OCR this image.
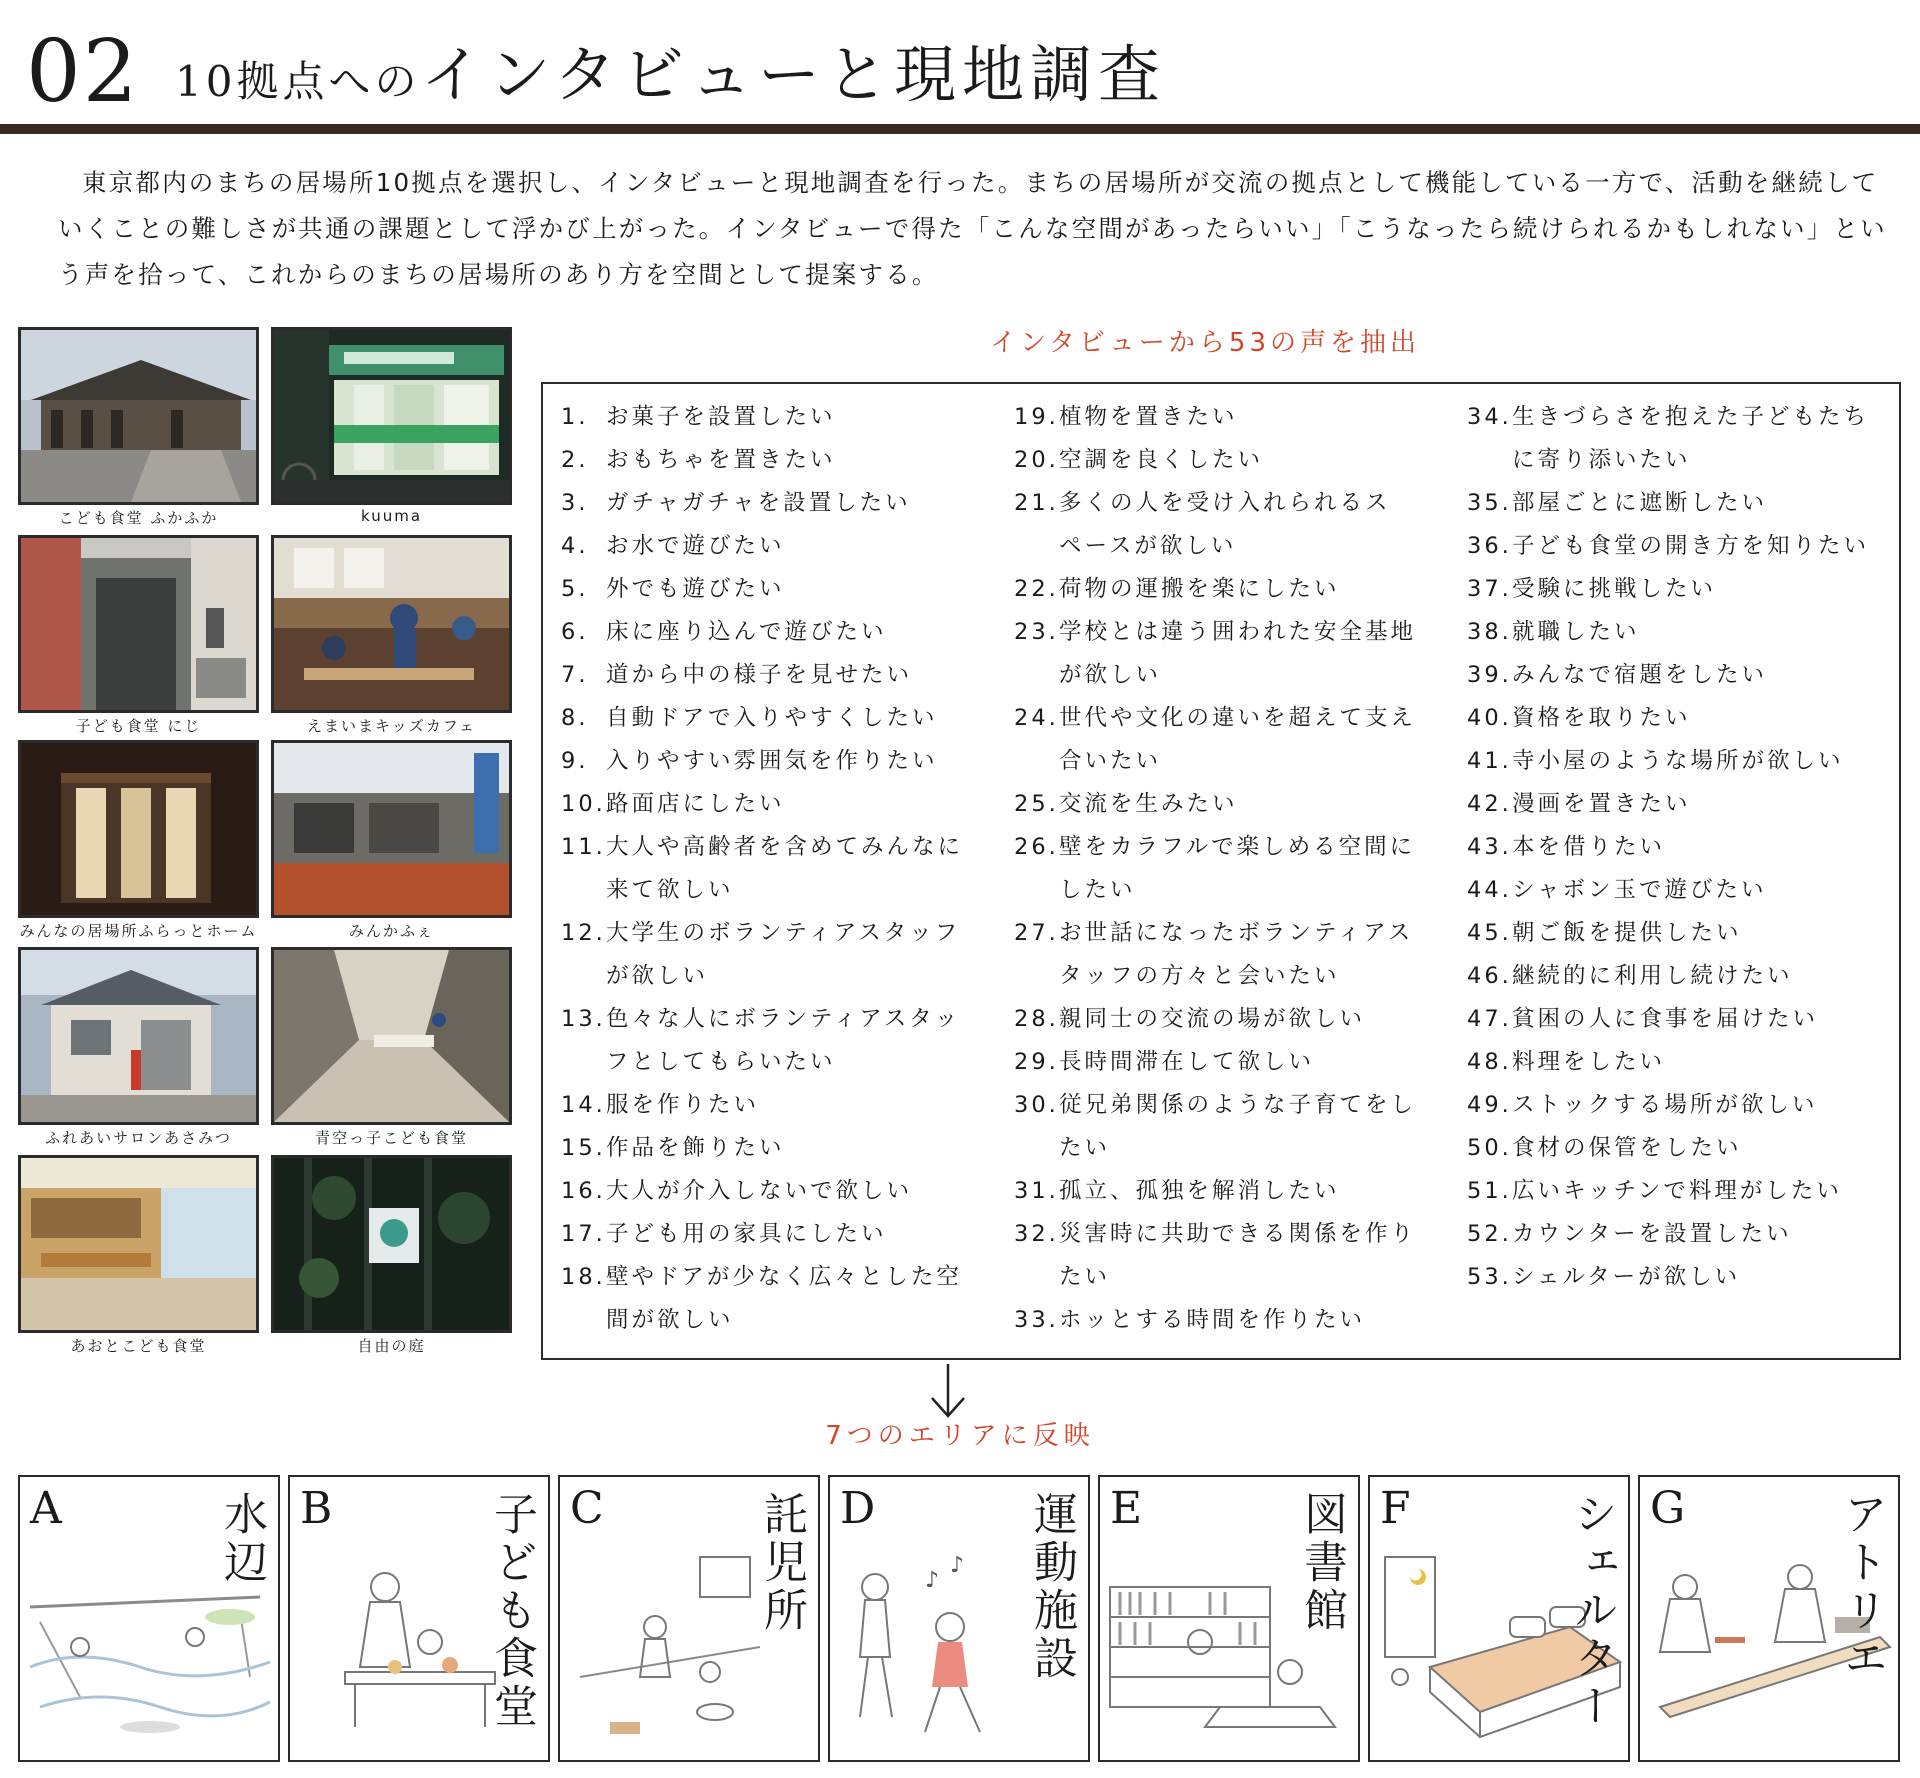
02 10拠点へのインタビューと現地調査

東京都内のまちの居場所10拠点を選択し、インタビューと現地調査を行った。まちの居場所が交流の拠点として機能している一方で、活動を継続していくことの難しさが共通の課題として浮かび上がった。インタビューで得た「こんな空間があったらいい」「こうなったら続けられるかもしれない」という声を拾って、これからのまちの居場所のあり方を空間として提案する。

こども食堂 ふかふか	kuuma
子ども食堂 にじ	えまいまキッズカフェ
みんなの居場所ふらっとホーム	みんかふぇ
ふれあいサロンあさみつ	青空っ子こども食堂
あおとこども食堂	自由の庭
インタビューから53の声を抽出
1. お菓子を設置したい
2. おもちゃを置きたい
3. ガチャガチャを設置したい
4. お水で遊びたい
5. 外でも遊びたい
6. 床に座り込んで遊びたい
7. 道から中の様子を見せたい
8. 自動ドアで入りやすくしたい
9. 入りやすい雰囲気を作りたい
10. 路面店にしたい
11. 大人や高齢者を含めてみんなに
来て欲しい
12. 大学生のボランティアスタッフ
が欲しい
13. 色々な人にボランティアスタッ
フとしてもらいたい
14. 服を作りたい
15. 作品を飾りたい
16. 大人が介入しないで欲しい
17. 子ども用の家具にしたい
18. 壁やドアが少なく広々とした空
間が欲しい
19. 植物を置きたい
20. 空調を良くしたい
21. 多くの人を受け入れられるス
ペースが欲しい
22. 荷物の運搬を楽にしたい
23. 学校とは違う囲われた安全基地
が欲しい
24. 世代や文化の違いを超えて支え
合いたい
25. 交流を生みたい
26. 壁をカラフルで楽しめる空間に
したい
27. お世話になったボランティアス
タッフの方々と会いたい
28. 親同士の交流の場が欲しい
29. 長時間滞在して欲しい
30. 従兄弟関係のような子育てをし
たい
31. 孤立、孤独を解消したい
32. 災害時に共助できる関係を作り
たい
33. ホッとする時間を作りたい
34. 生きづらさを抱えた子どもたち
に寄り添いたい
35. 部屋ごとに遮断したい
36. 子ども食堂の開き方を知りたい
37. 受験に挑戦したい
38. 就職したい
39. みんなで宿題をしたい
40. 資格を取りたい
41. 寺小屋のような場所が欲しい
42. 漫画を置きたい
43. 本を借りたい
44. シャボン玉で遊びたい
45. 朝ご飯を提供したい
46. 継続的に利用し続けたい
47. 貧困の人に食事を届けたい
48. 料理をしたい
49. ストックする場所が欲しい
50. 食材の保管をしたい
51. 広いキッチンで料理がしたい
52. カウンターを設置したい
53. シェルターが欲しい
7つのエリアに反映
A	水辺 B	子ども食堂 C	託児所	♪
♪
D	運動施設 E	図書館 F	シェルター G	アトリエ
